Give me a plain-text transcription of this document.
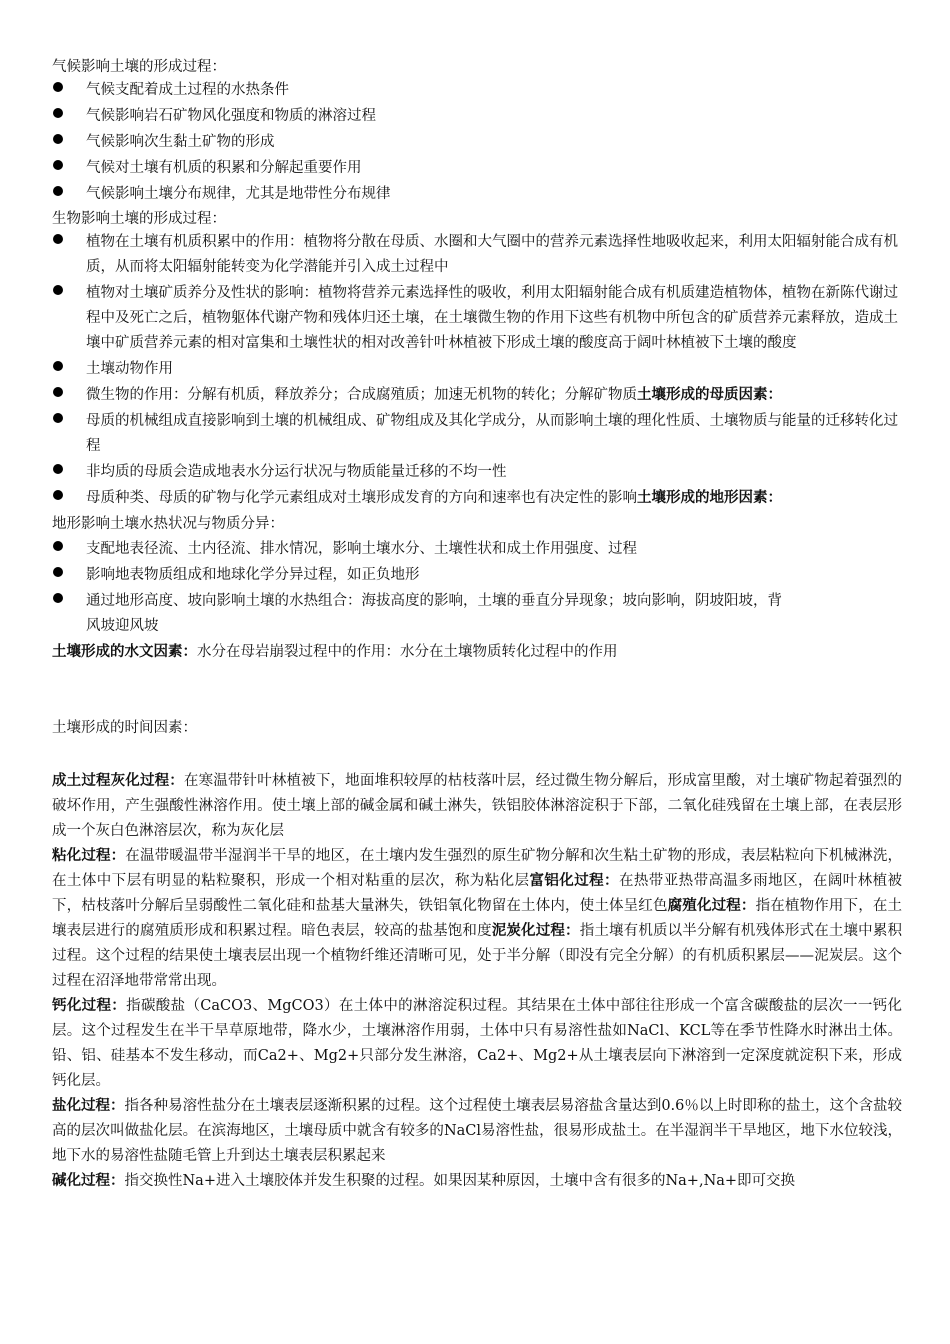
气候影响土壤的形成过程：

气候支配着成土过程的水热条件
气候影响岩石矿物风化强度和物质的淋溶过程
气候影响次生黏土矿物的形成
气候对土壤有机质的积累和分解起重要作用
气候影响土壤分布规律，尤其是地带性分布规律

生物影响土壤的形成过程：

植物在土壤有机质积累中的作用：植物将分散在母质、水圈和大气圈中的营养元素选择性地吸收起来，利用太阳辐射能合成有机质，从而将太阳辐射能转变为化学潜能并引入成土过程中
植物对土壤矿质养分及性状的影响：植物将营养元素选择性的吸收，利用太阳辐射能合成有机质建造植物体，植物在新陈代谢过程中及死亡之后，植物躯体代谢产物和残体归还土壤，在土壤微生物的作用下这些有机物中所包含的矿质营养元素释放，造成土壤中矿质营养元素的相对富集和土壤性状的相对改善针叶林植被下形成土壤的酸度高于阔叶林植被下土壤的酸度
土壤动物作用
微生物的作用：分解有机质，释放养分；合成腐殖质；加速无机物的转化；分解矿物质土壤形成的母质因素：
母质的机械组成直接影响到土壤的机械组成、矿物组成及其化学成分，从而影响土壤的理化性质、土壤物质与能量的迁移转化过程
非均质的母质会造成地表水分运行状况与物质能量迁移的不均一性
母质种类、母质的矿物与化学元素组成对土壤形成发育的方向和速率也有决定性的影响土壤形成的地形因素：

地形影响土壤水热状况与物质分异：

支配地表径流、土内径流、排水情况，影响土壤水分、土壤性状和成土作用强度、过程
影响地表物质组成和地球化学分异过程，如正负地形
通过地形高度、坡向影响土壤的水热组合：海拔高度的影响，土壤的垂直分异现象；坡向影响，阴坡阳坡，背
风坡迎风坡

土壤形成的水文因素：水分在母岩崩裂过程中的作用：水分在土壤物质转化过程中的作用

土壤形成的时间因素：

成土过程灰化过程：在寒温带针叶林植被下，地面堆积较厚的枯枝落叶层，经过微生物分解后，形成富里酸，对土壤矿物起着强烈的破坏作用，产生强酸性淋溶作用。使土壤上部的碱金属和碱土淋失，铁铝胶体淋溶淀积于下部，二氧化硅残留在土壤上部，在表层形成一个灰白色淋溶层次，称为灰化层

粘化过程：在温带暖温带半湿润半干旱的地区，在土壤内发生强烈的原生矿物分解和次生粘土矿物的形成，表层粘粒向下机械淋洗，在土体中下层有明显的粘粒聚积，形成一个相对粘重的层次，称为粘化层富铝化过程：在热带亚热带高温多雨地区，在阔叶林植被下，枯枝落叶分解后呈弱酸性二氧化硅和盐基大量淋失，铁铝氧化物留在土体内，使土体呈红色腐殖化过程：指在植物作用下，在土壤表层进行的腐殖质形成和积累过程。暗色表层，较高的盐基饱和度泥炭化过程：指土壤有机质以半分解有机残体形式在土壤中累积过程。这个过程的结果使土壤表层出现一个植物纤维还清晰可见，处于半分解（即没有完全分解）的有机质积累层——泥炭层。这个过程在沼泽地带常常出现。

钙化过程：指碳酸盐（CaCO3、MgCO3）在土体中的淋溶淀积过程。其结果在土体中部往往形成一个富含碳酸盐的层次一一钙化层。这个过程发生在半干旱草原地带，降水少，土壤淋溶作用弱，土体中只有易溶性盐如NaCl、KCL等在季节性降水时淋出土体。铅、铝、硅基本不发生移动，而Ca2+、Mg2+只部分发生淋溶，Ca2+、Mg2+从土壤表层向下淋溶到一定深度就淀积下来，形成钙化层。

盐化过程：指各种易溶性盐分在土壤表层逐渐积累的过程。这个过程使土壤表层易溶盐含量达到0.6％以上时即称的盐土，这个含盐较高的层次叫做盐化层。在滨海地区，土壤母质中就含有较多的NaCl易溶性盐，很易形成盐土。在半湿润半干旱地区，地下水位较浅，地下水的易溶性盐随毛管上升到达土壤表层积累起来

碱化过程：指交换性Na+进入土壤胶体并发生积聚的过程。如果因某种原因，土壤中含有很多的Na+,Na+即可交换
